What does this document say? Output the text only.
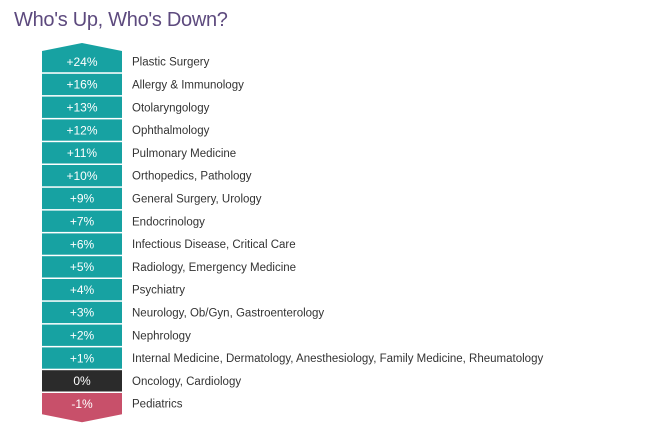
Who's Up, Who's Down?
+24%	Plastic Surgery
+16%	Allergy & Immunology
+13%	Otolaryngology
+12%	Ophthalmology
+11%	Pulmonary Medicine
+10%	Orthopedics, Pathology
+9%	General Surgery, Urology
+7%	Endocrinology
+6%	Infectious Disease, Critical Care
+5%	Radiology, Emergency Medicine
+4%	Psychiatry
+3%	Neurology, Ob/Gyn, Gastroenterology
+2%	Nephrology
+1%	Internal Medicine, Dermatology, Anesthesiology, Family Medicine, Rheumatology
0%	Oncology, Cardiology
-1%	Pediatrics
